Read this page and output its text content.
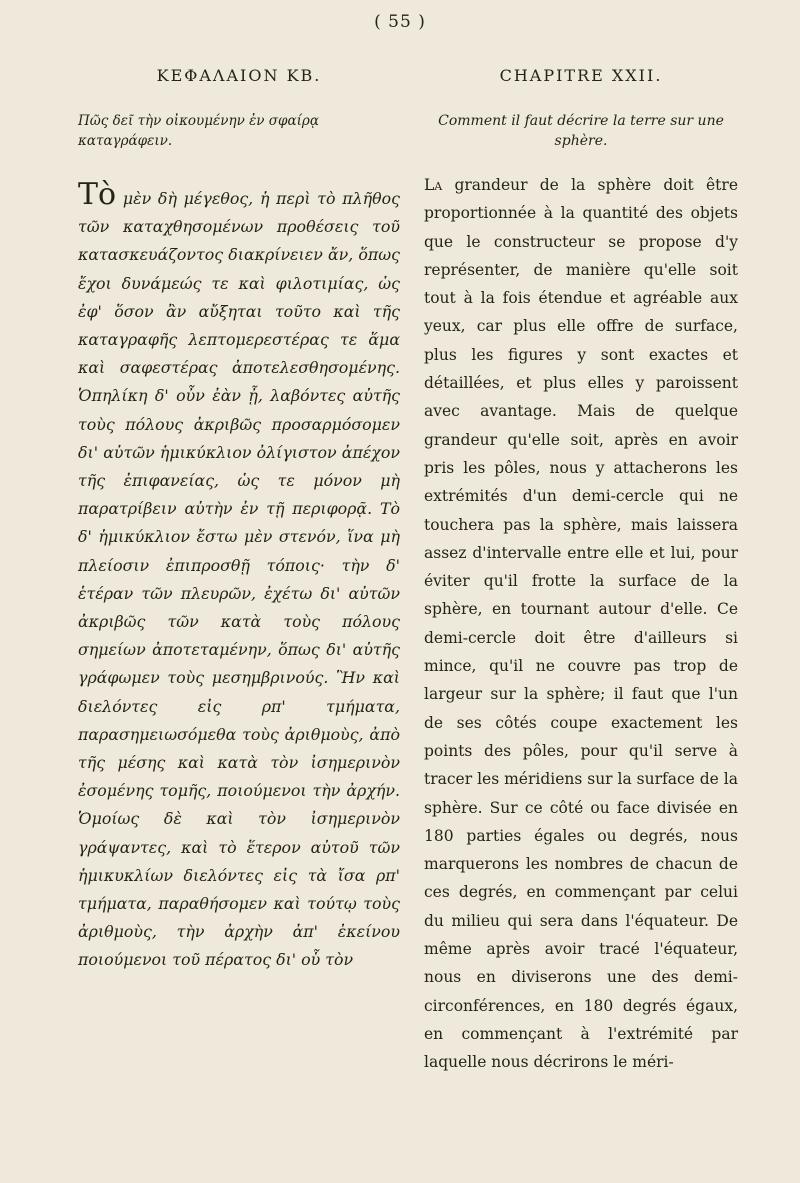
( 55 )
ΚΕΦΑΛΑΙΟΝ ΚΒ.

Πῶς δεῖ τὴν οἰκουμένην ἐν σφαίρᾳ καταγράφειν.

Τὸ μὲν δὴ μέγεθος, ἡ περὶ τὸ πλῆθος τῶν καταχθησομένων προθέσεις τοῦ κατασκευάζοντος διακρίνειεν ἄν, ὅπως ἔχοι δυνάμεώς τε καὶ φιλοτιμίας, ὡς ἐφ' ὅσον ἂν αὔξηται τοῦτο καὶ τῆς καταγραφῆς λεπτομερεστέρας τε ἅμα καὶ σαφεστέρας ἀποτελεσθησομένης. Ὁπηλίκη δ' οὖν ἐὰν ᾖ, λαβόντες αὐτῆς τοὺς πόλους ἀκριβῶς προσαρμόσομεν δι' αὐτῶν ἡμικύκλιον ὀλίγιστον ἀπέχον τῆς ἐπιφανείας, ὡς τε μόνον μὴ παρατρίβειν αὐτὴν ἐν τῇ περιφορᾷ. Τὸ δ' ἡμικύκλιον ἔστω μὲν στενόν, ἵνα μὴ πλείοσιν ἐπιπροσθῇ τόποις· τὴν δ' ἑτέραν τῶν πλευρῶν, ἐχέτω δι' αὐτῶν ἀκριβῶς τῶν κατὰ τοὺς πόλους σημείων ἀποτεταμένην, ὅπως δι' αὐτῆς γράφωμεν τοὺς μεσημβρινούς. Ἣν καὶ διελόντες εἰς ρπ' τμήματα, παρασημειωσόμεθα τοὺς ἀριθμοὺς, ἀπὸ τῆς μέσης καὶ κατὰ τὸν ἰσημερινὸν ἐσομένης τομῆς, ποιούμενοι τὴν ἀρχήν. Ὁμοίως δὲ καὶ τὸν ἰσημερινὸν γράψαντες, καὶ τὸ ἕτερον αὐτοῦ τῶν ἡμικυκλίων διελόντες εἰς τὰ ἴσα ρπ' τμήματα, παραθήσομεν καὶ τούτῳ τοὺς ἀριθμοὺς, τὴν ἀρχὴν ἀπ' ἐκείνου ποιούμενοι τοῦ πέρατος δι' οὗ τὸν

CHAPITRE XXII.

Comment il faut décrire la terre sur une sphère.

La grandeur de la sphère doit être proportionnée à la quantité des objets que le constructeur se propose d'y représenter, de manière qu'elle soit tout à la fois étendue et agréable aux yeux, car plus elle offre de surface, plus les figures y sont exactes et détaillées, et plus elles y paroissent avec avantage. Mais de quelque grandeur qu'elle soit, après en avoir pris les pôles, nous y attacherons les extrémités d'un demi-cercle qui ne touchera pas la sphère, mais laissera assez d'intervalle entre elle et lui, pour éviter qu'il frotte la surface de la sphère, en tournant autour d'elle. Ce demi-cercle doit être d'ailleurs si mince, qu'il ne couvre pas trop de largeur sur la sphère; il faut que l'un de ses côtés coupe exactement les points des pôles, pour qu'il serve à tracer les méridiens sur la surface de la sphère. Sur ce côté ou face divisée en 180 parties égales ou degrés, nous marquerons les nombres de chacun de ces degrés, en commençant par celui du milieu qui sera dans l'équateur. De même après avoir tracé l'équateur, nous en diviserons une des demi-circonférences, en 180 degrés égaux, en commençant à l'extrémité par laquelle nous décrirons le méri-
